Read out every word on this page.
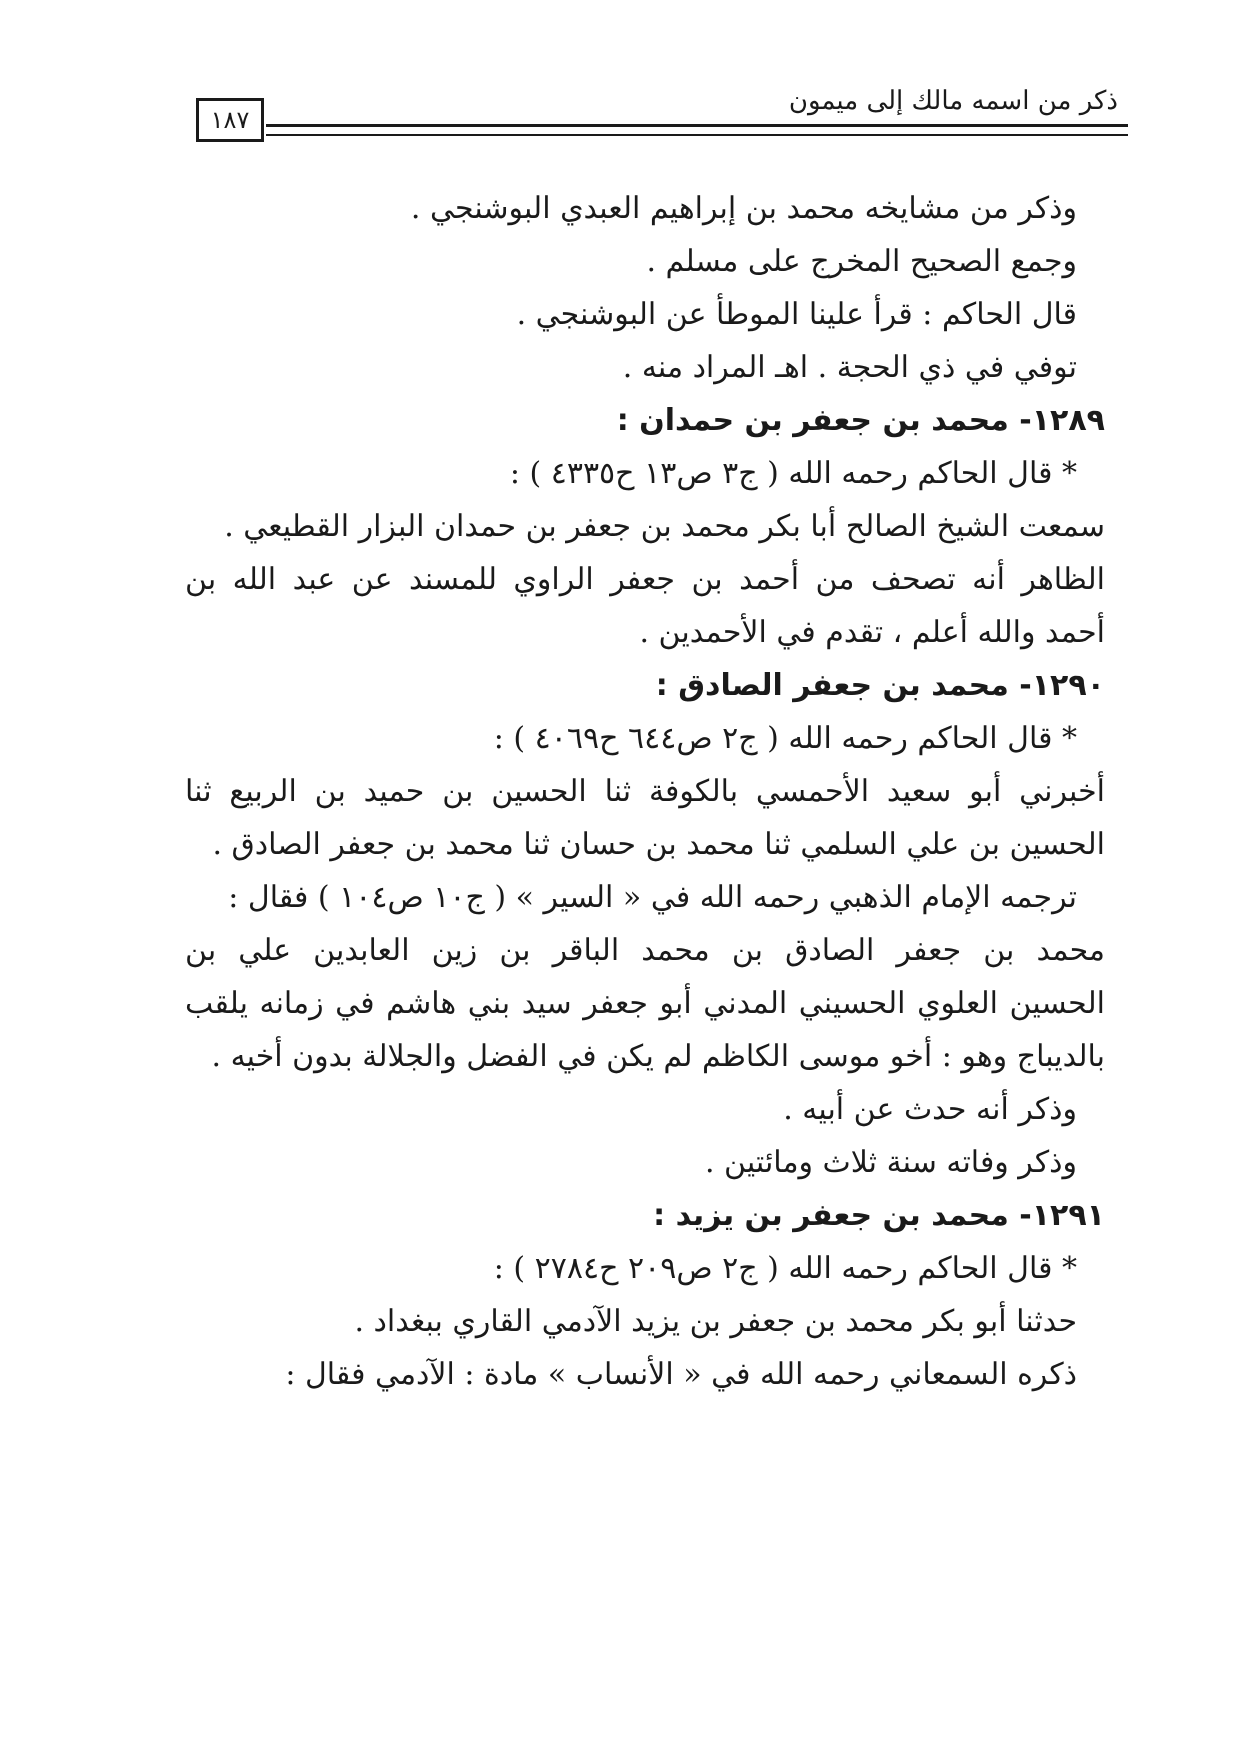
١٨٧
ذكر من اسمه مالك إلى ميمون
وذكر من مشايخه محمد بن إبراهيم العبدي البوشنجي .
وجمع الصحيح المخرج على مسلم .
قال الحاكم : قرأ علينا الموطأ عن البوشنجي .
توفي في ذي الحجة . اهـ المراد منه .
١٢٨٩- محمد بن جعفر بن حمدان :
* قال الحاكم رحمه الله ( ج٣ ص١٣ ح٤٣٣٥ ) :
سمعت الشيخ الصالح أبا بكر محمد بن جعفر بن حمدان البزار القطيعي .
الظاهر أنه تصحف من أحمد بن جعفر الراوي للمسند عن عبد الله بن
أحمد والله أعلم ، تقدم في الأحمدين .
١٢٩٠- محمد بن جعفر الصادق :
* قال الحاكم رحمه الله ( ج٢ ص٦٤٤ ح٤٠٦٩ ) :
أخبرني أبو سعيد الأحمسي بالكوفة ثنا الحسين بن حميد بن الربيع ثنا
الحسين بن علي السلمي ثنا محمد بن حسان ثنا محمد بن جعفر الصادق .
ترجمه الإمام الذهبي رحمه الله في « السير » ( ج١٠ ص١٠٤ ) فقال :
محمد بن جعفر الصادق بن محمد الباقر بن زين العابدين علي بن
الحسين العلوي الحسيني المدني أبو جعفر سيد بني هاشم في زمانه يلقب
بالديباج وهو : أخو موسى الكاظم لم يكن في الفضل والجلالة بدون أخيه .
وذكر أنه حدث عن أبيه .
وذكر وفاته سنة ثلاث ومائتين .
١٢٩١- محمد بن جعفر بن يزيد :
* قال الحاكم رحمه الله ( ج٢ ص٢٠٩ ح٢٧٨٤ ) :
حدثنا أبو بكر محمد بن جعفر بن يزيد الآدمي القاري ببغداد .
ذكره السمعاني رحمه الله في « الأنساب » مادة : الآدمي فقال :
